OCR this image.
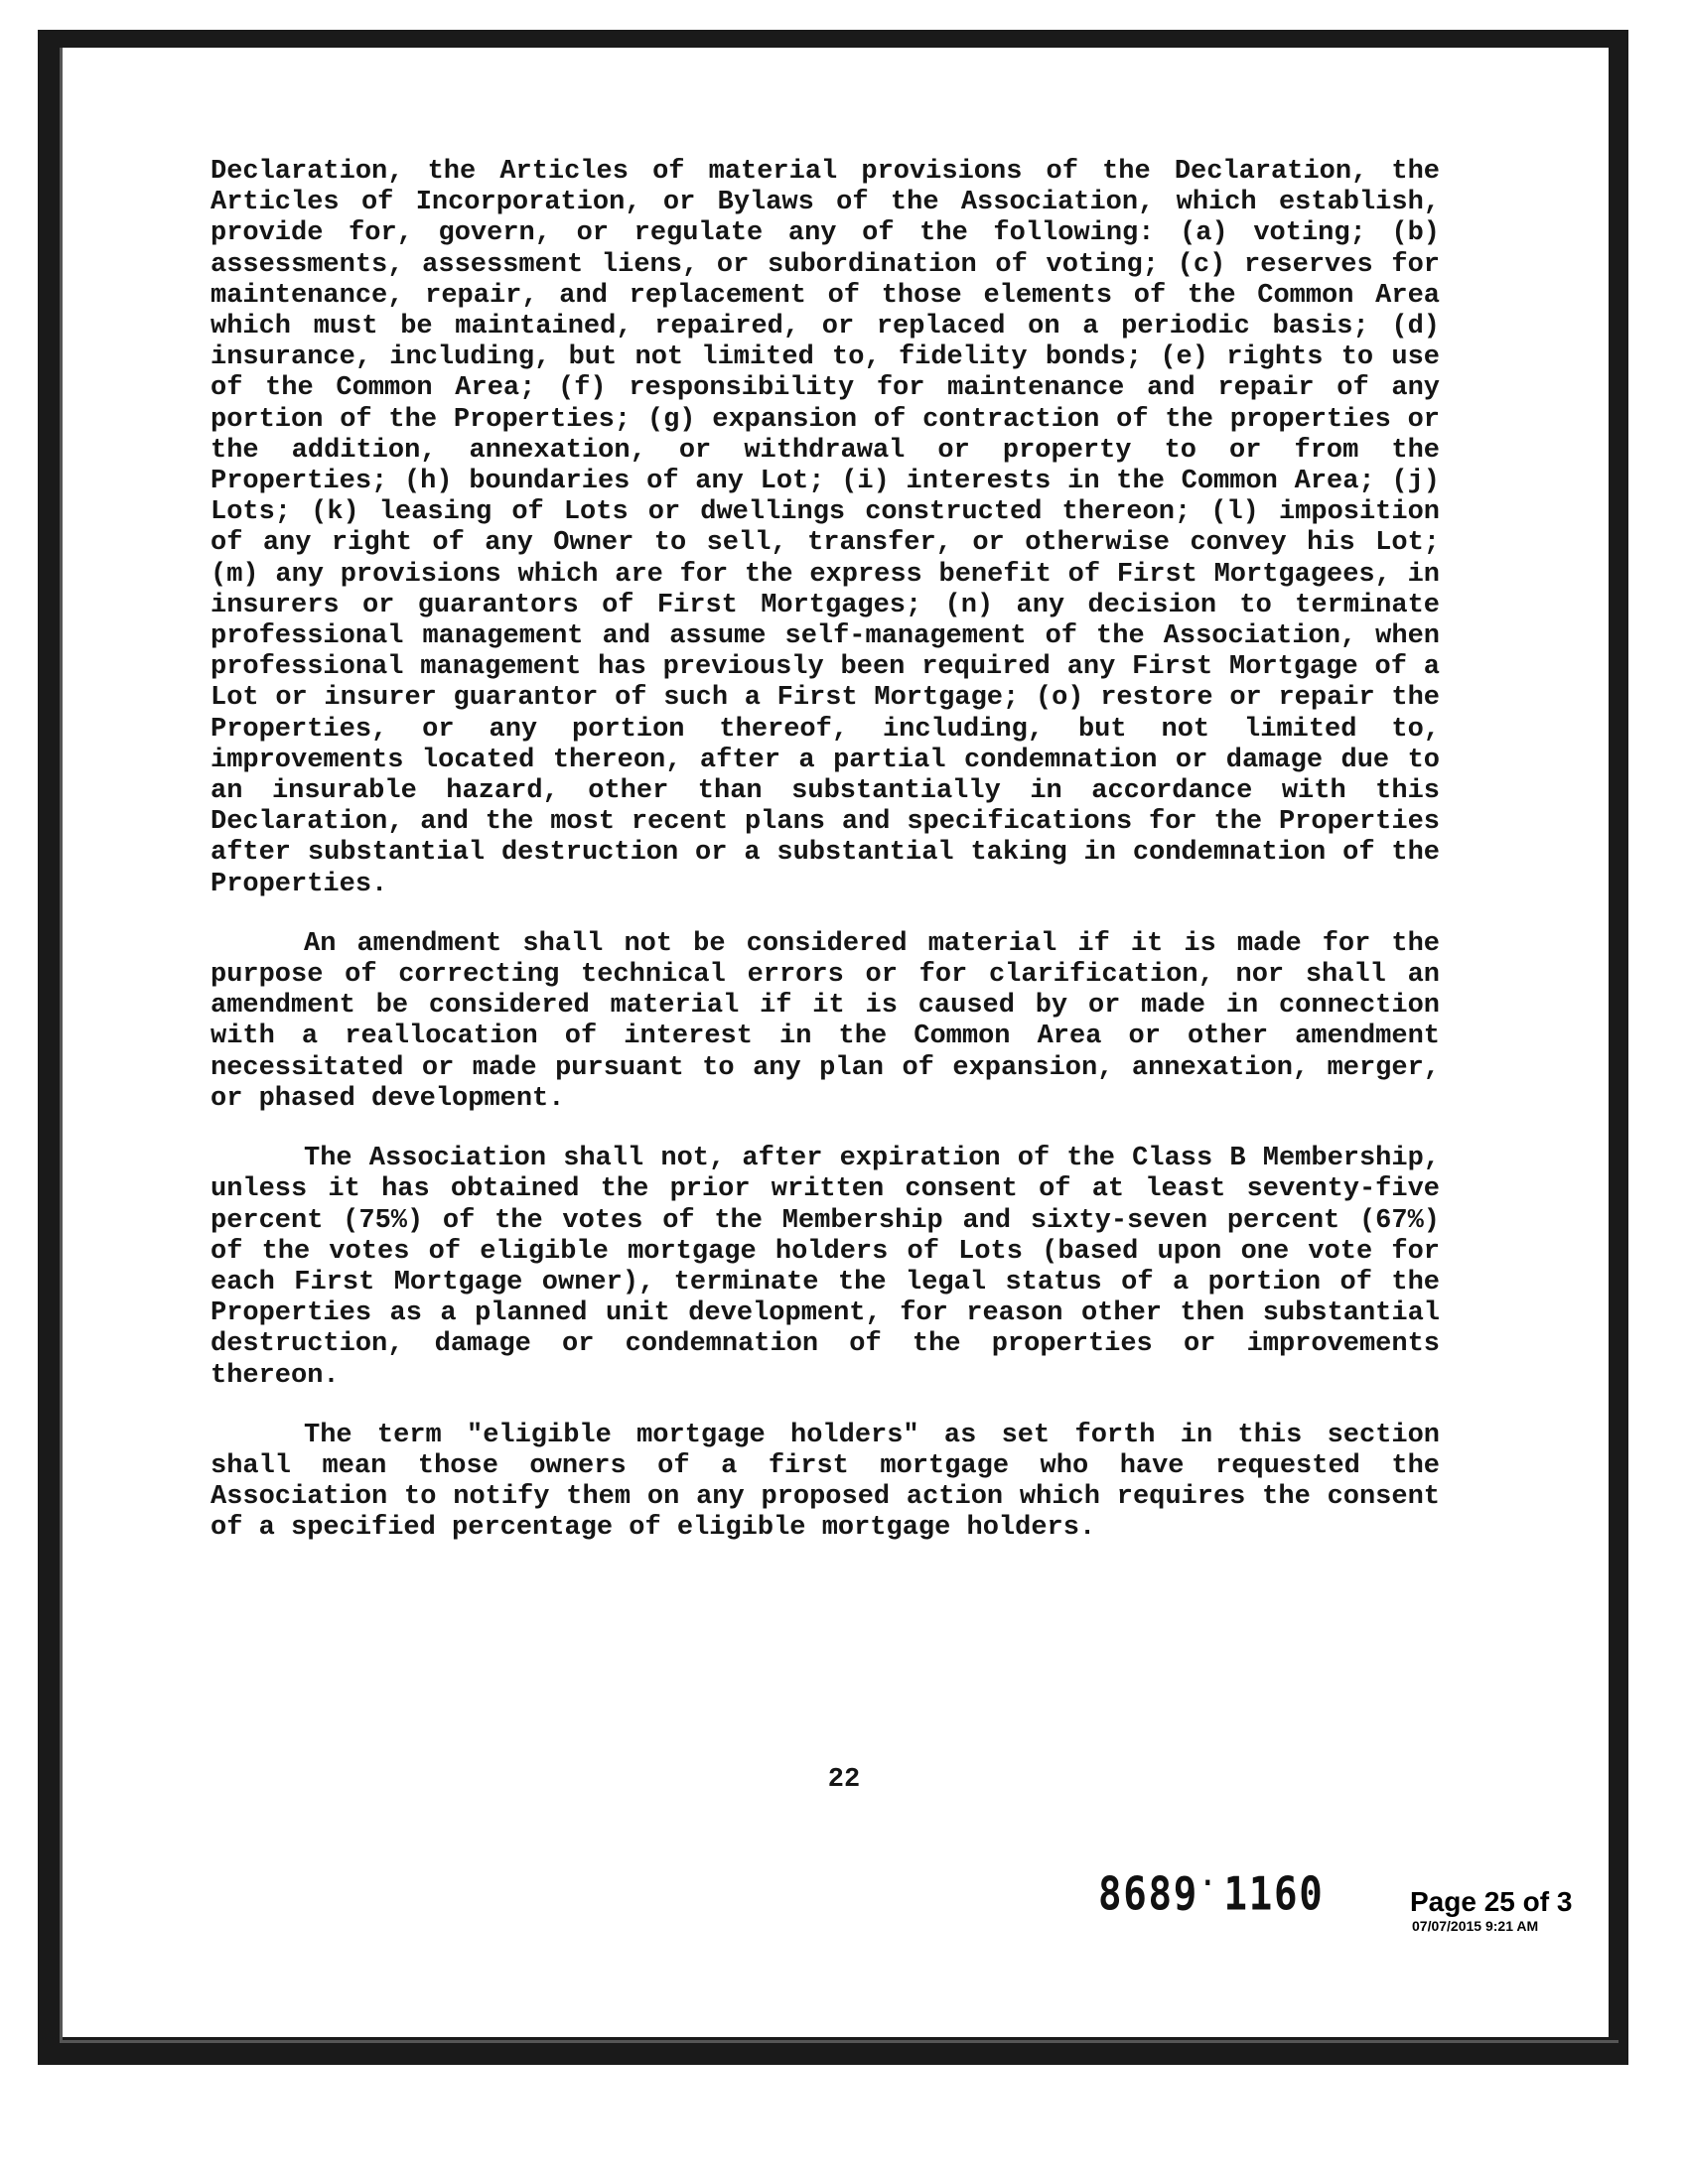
Declaration, the Articles of material provisions of the Declaration, the Articles of Incorporation, or Bylaws of the Association, which establish, provide for, govern, or regulate any of the following: (a) voting; (b) assessments, assessment liens, or subordination of voting; (c) reserves for maintenance, repair, and replacement of those elements of the Common Area which must be maintained, repaired, or replaced on a periodic basis; (d) insurance, including, but not limited to, fidelity bonds; (e) rights to use of the Common Area; (f) responsibility for maintenance and repair of any portion of the Properties; (g) expansion of contraction of the properties or the addition, annexation, or withdrawal or property to or from the Properties; (h) boundaries of any Lot; (i) interests in the Common Area; (j) Lots; (k) leasing of Lots or dwellings constructed thereon; (l) imposition of any right of any Owner to sell, transfer, or otherwise convey his Lot; (m) any provisions which are for the express benefit of First Mortgagees, in insurers or guarantors of First Mortgages; (n) any decision to terminate professional management and assume self-management of the Association, when professional management has previously been required any First Mortgage of a Lot or insurer guarantor of such a First Mortgage; (o) restore or repair the Properties, or any portion thereof, including, but not limited to, improvements located thereon, after a partial condemnation or damage due to an insurable hazard, other than substantially in accordance with this Declaration, and the most recent plans and specifications for the Properties after substantial destruction or a substantial taking in condemnation of the Properties.

An amendment shall not be considered material if it is made for the purpose of correcting technical errors or for clarification, nor shall an amendment be considered material if it is caused by or made in connection with a reallocation of interest in the Common Area or other amendment necessitated or made pursuant to any plan of expansion, annexation, merger, or phased development.

The Association shall not, after expiration of the Class B Membership, unless it has obtained the prior written consent of at least seventy-five percent (75%) of the votes of the Membership and sixty-seven percent (67%) of the votes of eligible mortgage holders of Lots (based upon one vote for each First Mortgage owner), terminate the legal status of a portion of the Properties as a planned unit development, for reason other then substantial destruction, damage or condemnation of the properties or improvements thereon.

The term "eligible mortgage holders" as set forth in this section shall mean those owners of a first mortgage who have requested the Association to notify them on any proposed action which requires the consent of a specified percentage of eligible mortgage holders.

22
8689· 1160	Page 25 of 3
07/07/2015 9:21 AM
